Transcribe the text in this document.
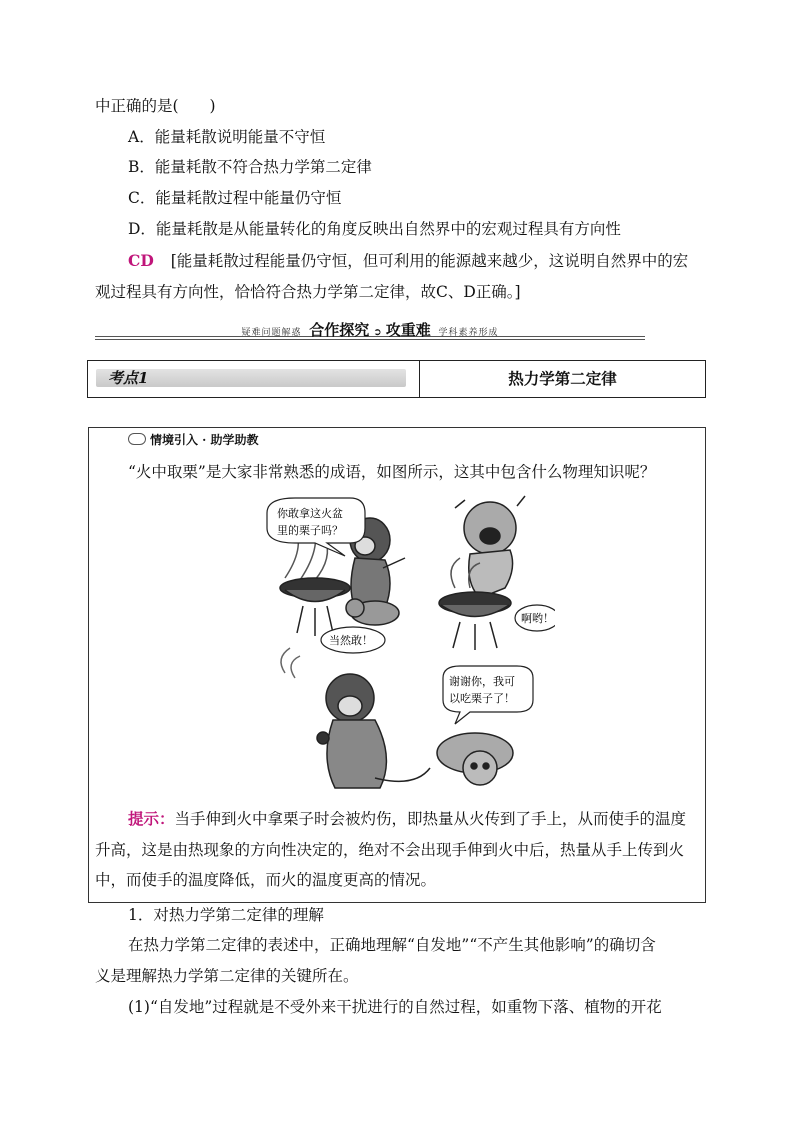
中正确的是(　　)
A．能量耗散说明能量不守恒
B．能量耗散不符合热力学第二定律
C．能量耗散过程中能量仍守恒
D．能量耗散是从能量转化的角度反映出自然界中的宏观过程具有方向性
CD [能量耗散过程能量仍守恒，但可利用的能源越来越少，这说明自然界中的宏
观过程具有方向性，恰恰符合热力学第二定律，故C、D正确。]
疑难问题解惑 合作探究 ➲ 攻重难 学科素养形成
考点1	热力学第二定律
情境引入 · 助学助教
“火中取栗”是大家非常熟悉的成语，如图所示，这其中包含什么物理知识呢？
你敢拿这火盆
里的栗子吗？
当然敢！
啊哟！
谢谢你，我可
以吃栗子了！
提示：当手伸到火中拿栗子时会被灼伤，即热量从火传到了手上，从而使手的温度
升高，这是由热现象的方向性决定的，绝对不会出现手伸到火中后，热量从手上传到火
中，而使手的温度降低，而火的温度更高的情况。
1．对热力学第二定律的理解
在热力学第二定律的表述中，正确地理解“自发地”“不产生其他影响”的确切含
义是理解热力学第二定律的关键所在。
(1)“自发地”过程就是不受外来干扰进行的自然过程，如重物下落、植物的开花
